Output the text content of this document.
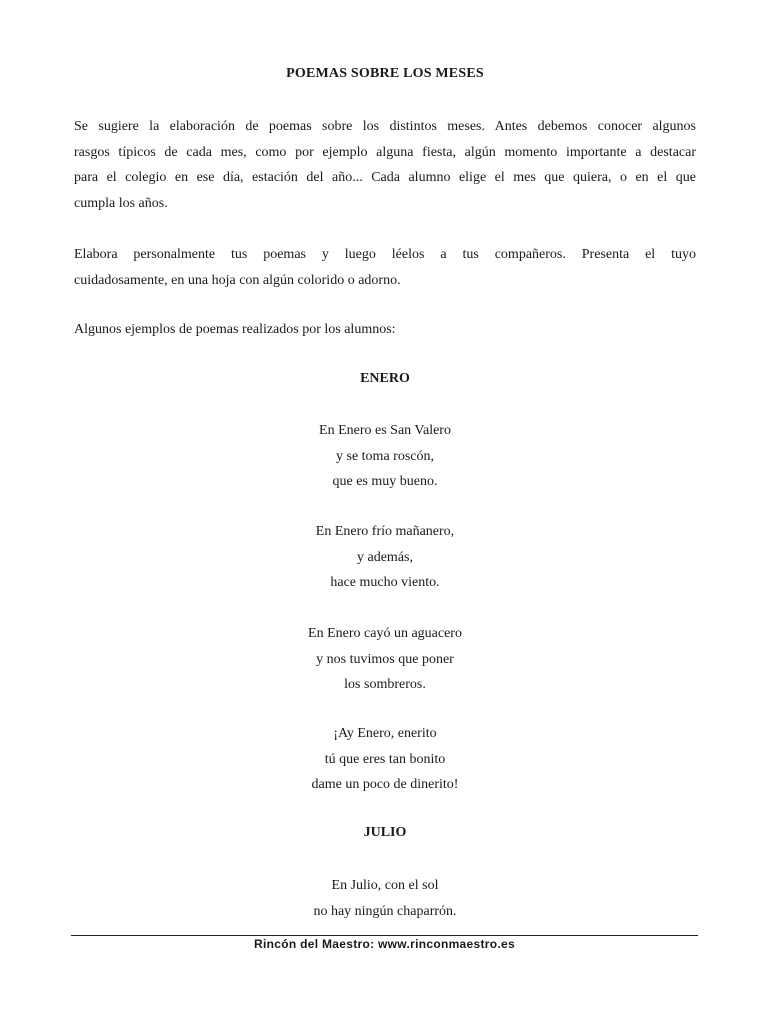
POEMAS SOBRE LOS MESES
Se sugiere la elaboración de poemas sobre los distintos meses. Antes debemos conocer algunos
rasgos típicos de cada mes, como por ejemplo alguna fiesta, algún momento importante a destacar
para el colegio en ese día, estación del año... Cada alumno elige el mes que quiera, o en el que
cumpla los años.
Elabora personalmente tus poemas y luego léelos a tus compañeros. Presenta el tuyo
cuidadosamente, en una hoja con algún colorido o adorno.
Algunos ejemplos de poemas realizados por los alumnos:
ENERO
En Enero es San Valero
y se toma roscón,
que es muy bueno.
En Enero frío mañanero,
y además,
hace mucho viento.
En Enero cayó un aguacero
y nos tuvimos que poner
los sombreros.
¡Ay Enero, enerito
tú que eres tan bonito
dame un poco de dinerito!
JULIO
En Julio, con el sol
no hay ningún chaparrón.
Rincón del Maestro: www.rinconmaestro.es
